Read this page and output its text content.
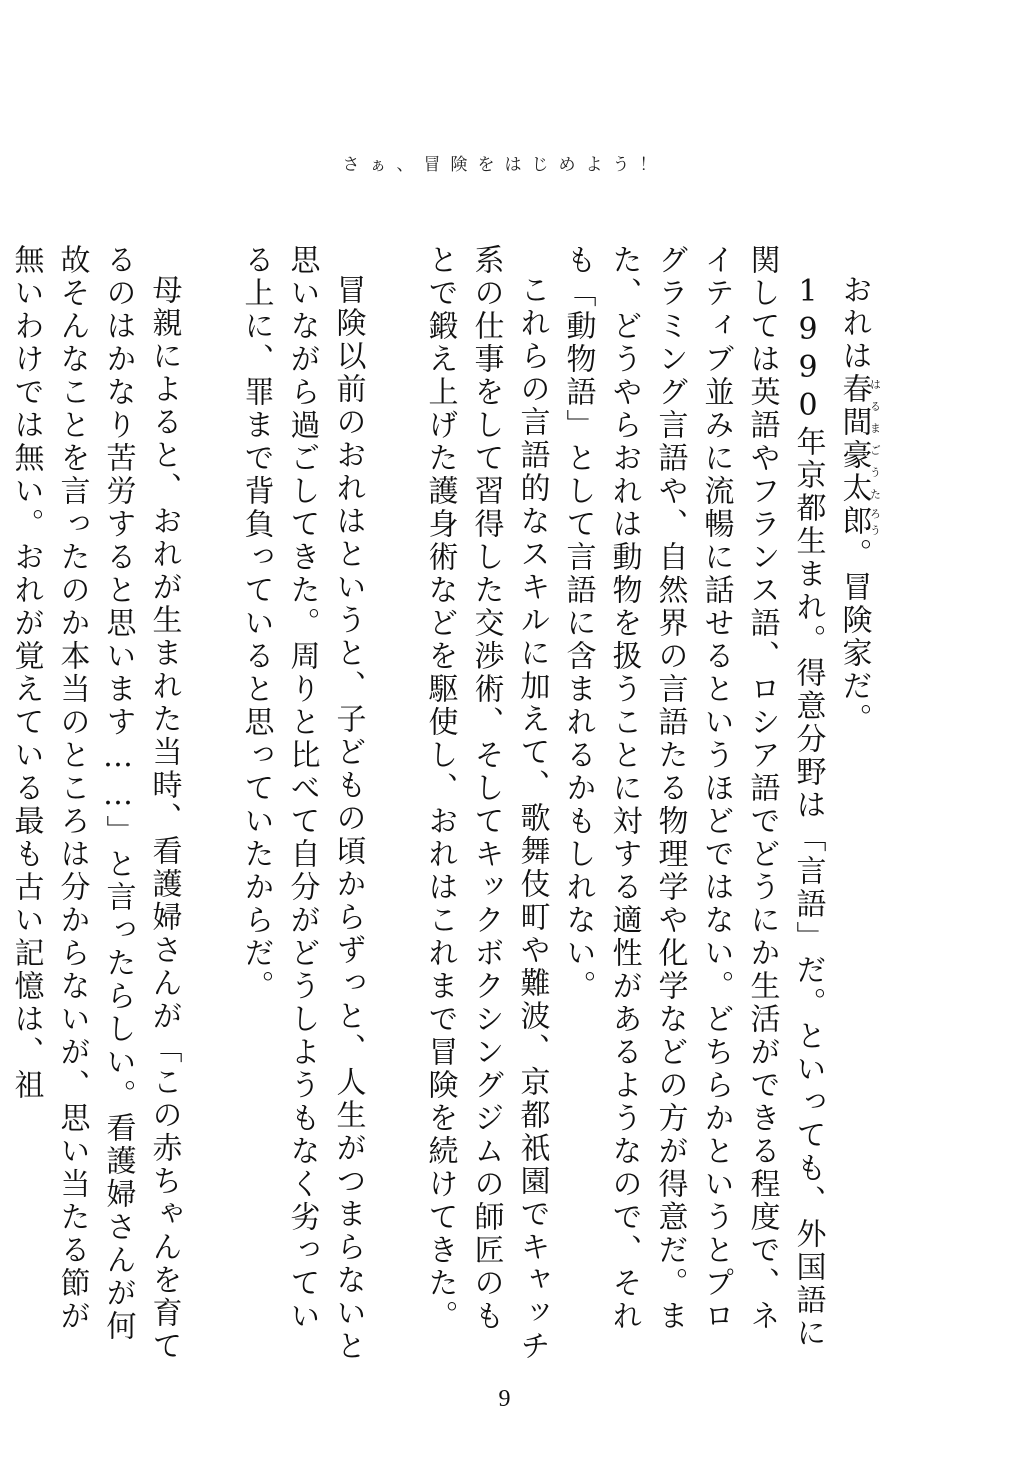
さぁ、冒険をはじめよう！

おれは春間はるま豪太ごうた郎ろう。冒険家だ。

1990年京都生まれ。得意分野は「言語」だ。といっても、外国語に関しては英語やフランス語、ロシア語でどうにか生活ができる程度で、ネイティブ並みに流暢に話せるというほどではない。どちらかというとプログラミング言語や、自然界の言語たる物理学や化学などの方が得意だ。また、どうやらおれは動物を扱うことに対する適性があるようなので、それも「動物語」として言語に含まれるかもしれない。

これらの言語的なスキルに加えて、歌舞伎町や難波、京都祇園でキャッチ系の仕事をして習得した交渉術、そしてキックボクシングジムの師匠のもとで鍛え上げた護身術などを駆使し、おれはこれまで冒険を続けてきた。

冒険以前のおれはというと、子どもの頃からずっと、人生がつまらないと思いながら過ごしてきた。周りと比べて自分がどうしようもなく劣っている上に、罪まで背負っていると思っていたからだ。

母親によると、おれが生まれた当時、看護婦さんが「この赤ちゃんを育てるのはかなり苦労すると思います……」と言ったらしい。看護婦さんが何故そんなことを言ったのか本当のところは分からないが、思い当たる節が無いわけでは無い。おれが覚えている最も古い記憶は、祖

9
